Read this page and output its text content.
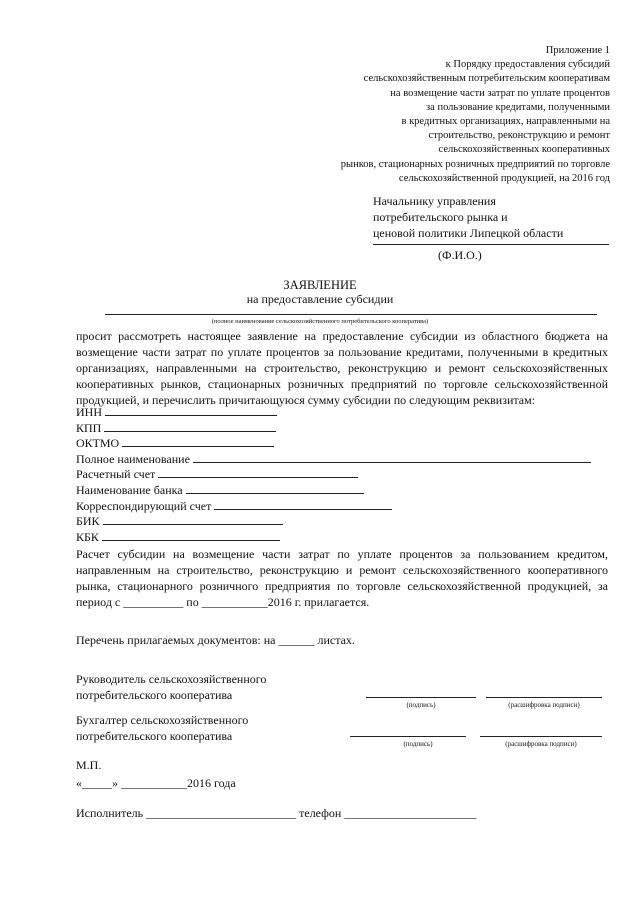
Приложение 1
к Порядку предоставления субсидий
сельскохозяйственным потребительским кооперативам
на возмещение части затрат по уплате процентов
за пользование кредитами, полученными
в кредитных организациях, направленными на
строительство, реконструкцию и ремонт
сельскохозяйственных кооперативных
рынков, стационарных розничных предприятий по торговле
сельскохозяйственной продукцией, на 2016 год
Начальнику управления
потребительского рынка и
ценовой политики Липецкой области
(Ф.И.О.)
ЗАЯВЛЕНИЕ
на предоставление субсидии
(полное наименование сельскохозяйственного потребительского кооператива)
просит рассмотреть настоящее заявление на предоставление субсидии из областного бюджета на возмещение части затрат по уплате процентов за пользование кредитами, полученными в кредитных организациях, направленными на строительство, реконструкцию и ремонт сельскохозяйственных кооперативных рынков, стационарных розничных предприятий по торговле сельскохозяйственной продукцией, и перечислить причитающуюся сумму субсидии по следующим реквизитам:
ИНН
КПП
ОКТМО
Полное наименование
Расчетный счет
Наименование банка
Корреспондирующий счет
БИК
КБК
Расчет субсидии на возмещение части затрат по уплате процентов за пользованием кредитом, направленным на строительство, реконструкцию и ремонт сельскохозяйственного кооперативного рынка, стационарного розничного предприятия по торговле сельскохозяйственной продукцией, за период с __________ по ___________2016 г. прилагается.
Перечень прилагаемых документов: на ______ листах.
Руководитель сельскохозяйственного
потребительского кооператива
(подпись)	(расшифровка подписи)
Бухгалтер сельскохозяйственного
потребительского кооператива
(подпись)	(расшифровка подписи)
М.П.
«_____» ___________2016 года
Исполнитель _________________________ телефон ______________________
